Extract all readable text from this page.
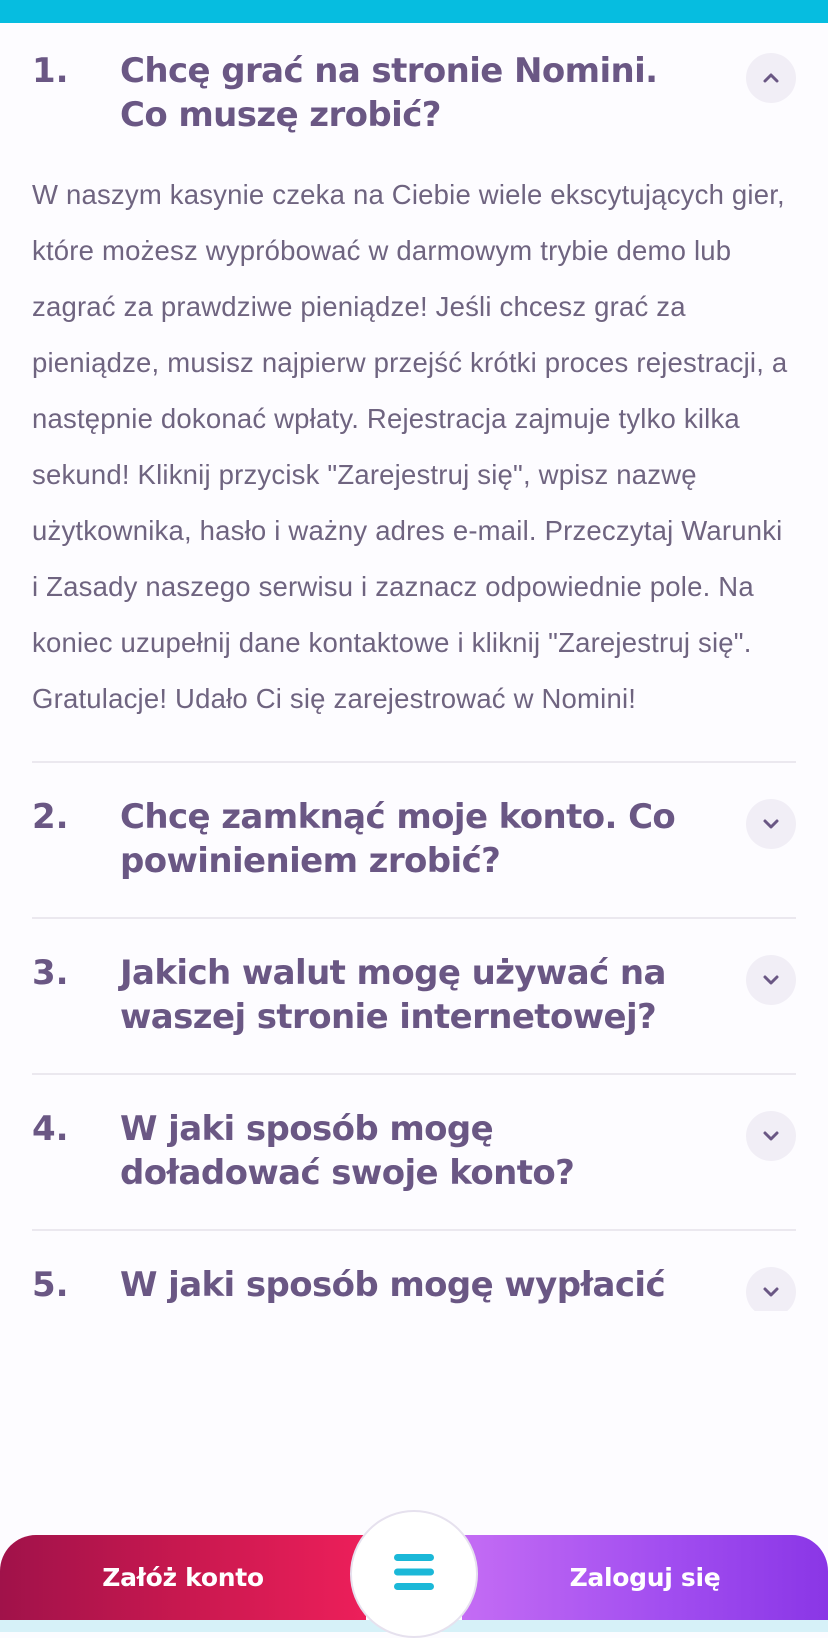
1.	Chcę grać na stronie Nomini. Co muszę zrobić?

W naszym kasynie czeka na Ciebie wiele ekscytujących gier, które możesz wypróbować w darmowym trybie demo lub zagrać za prawdziwe pieniądze! Jeśli chcesz grać za pieniądze, musisz najpierw przejść krótki proces rejestracji, a następnie dokonać wpłaty. Rejestracja zajmuje tylko kilka sekund! Kliknij przycisk "Zarejestruj się", wpisz nazwę użytkownika, hasło i ważny adres e-mail. Przeczytaj Warunki i Zasady naszego serwisu i zaznacz odpowiednie pole. Na koniec uzupełnij dane kontaktowe i kliknij "Zarejestruj się". Gratulacje! Udało Ci się zarejestrować w Nomini!

2.	Chcę zamknąć moje konto. Co powinieniem zrobić?
3.	Jakich walut mogę używać na waszej stronie internetowej?
4.	W jaki sposób mogę doładować swoje konto?
5.	W jaki sposób mogę wypłacić
Załóż konto	Zaloguj się
